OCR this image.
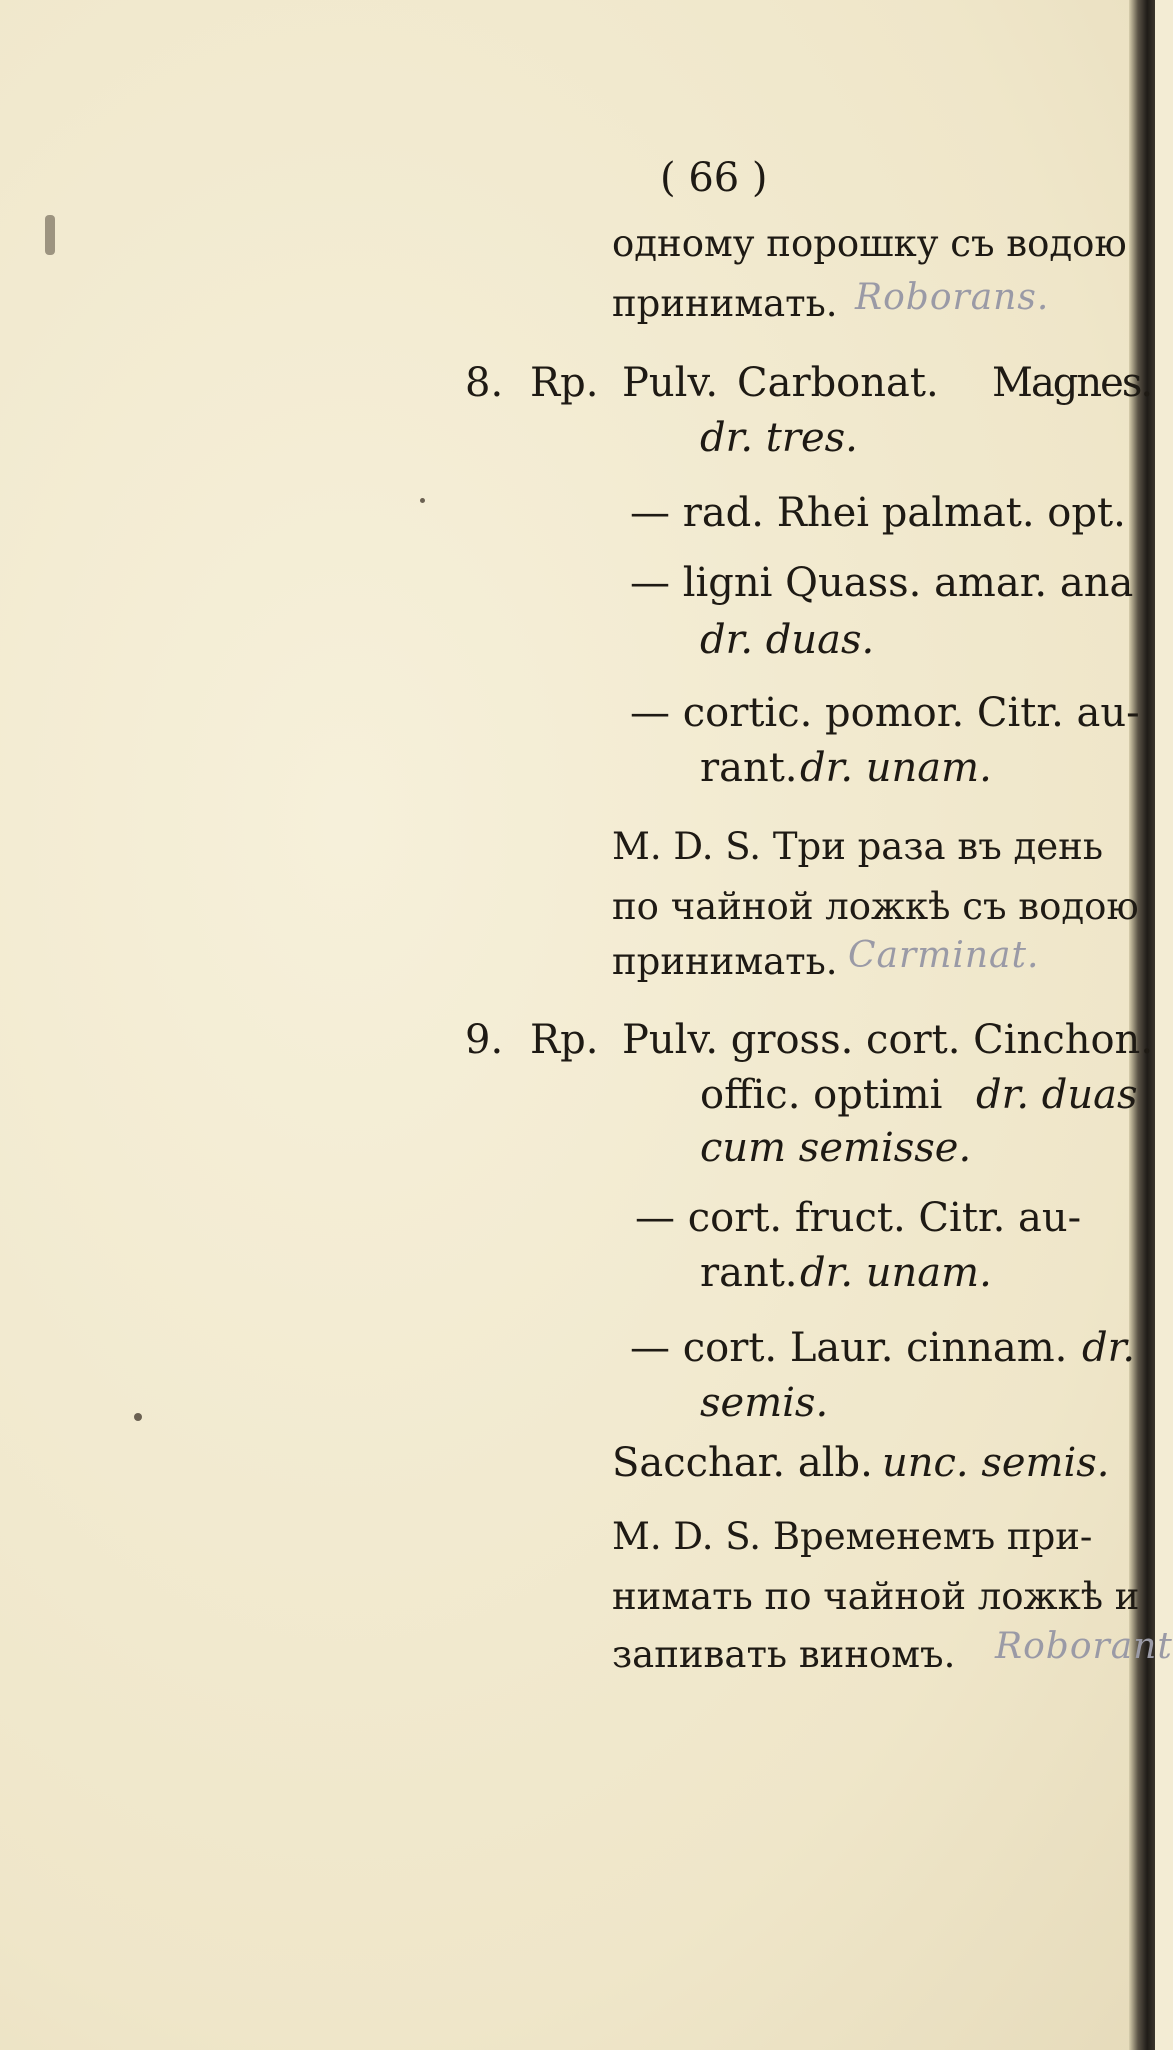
( 66 )
одному порошку съ водою
принимать. Roborans.
8. Rp. Pulv. Carbonat. Magnes.
dr. tres.
— rad. Rhei palmat. opt.
— ligni Quass. amar. ana
dr. duas.
— cortic. pomor. Citr. au-
rant. dr. unam.
M. D. S. Три раза въ день
по чайной ложкѣ съ водою
принимать. Carminat.
9. Rp. Pulv. gross. cort. Cinchon.
offic. optimi dr. duas
cum semisse.
— cort. fruct. Citr. au-
rant. dr. unam.
— cort. Laur. cinnam. dr.
semis.
Sacchar. alb. unc. semis.
M. D. S. Временемъ при-
нимать по чайной ложкѣ и
запивать виномъ. Roborant
